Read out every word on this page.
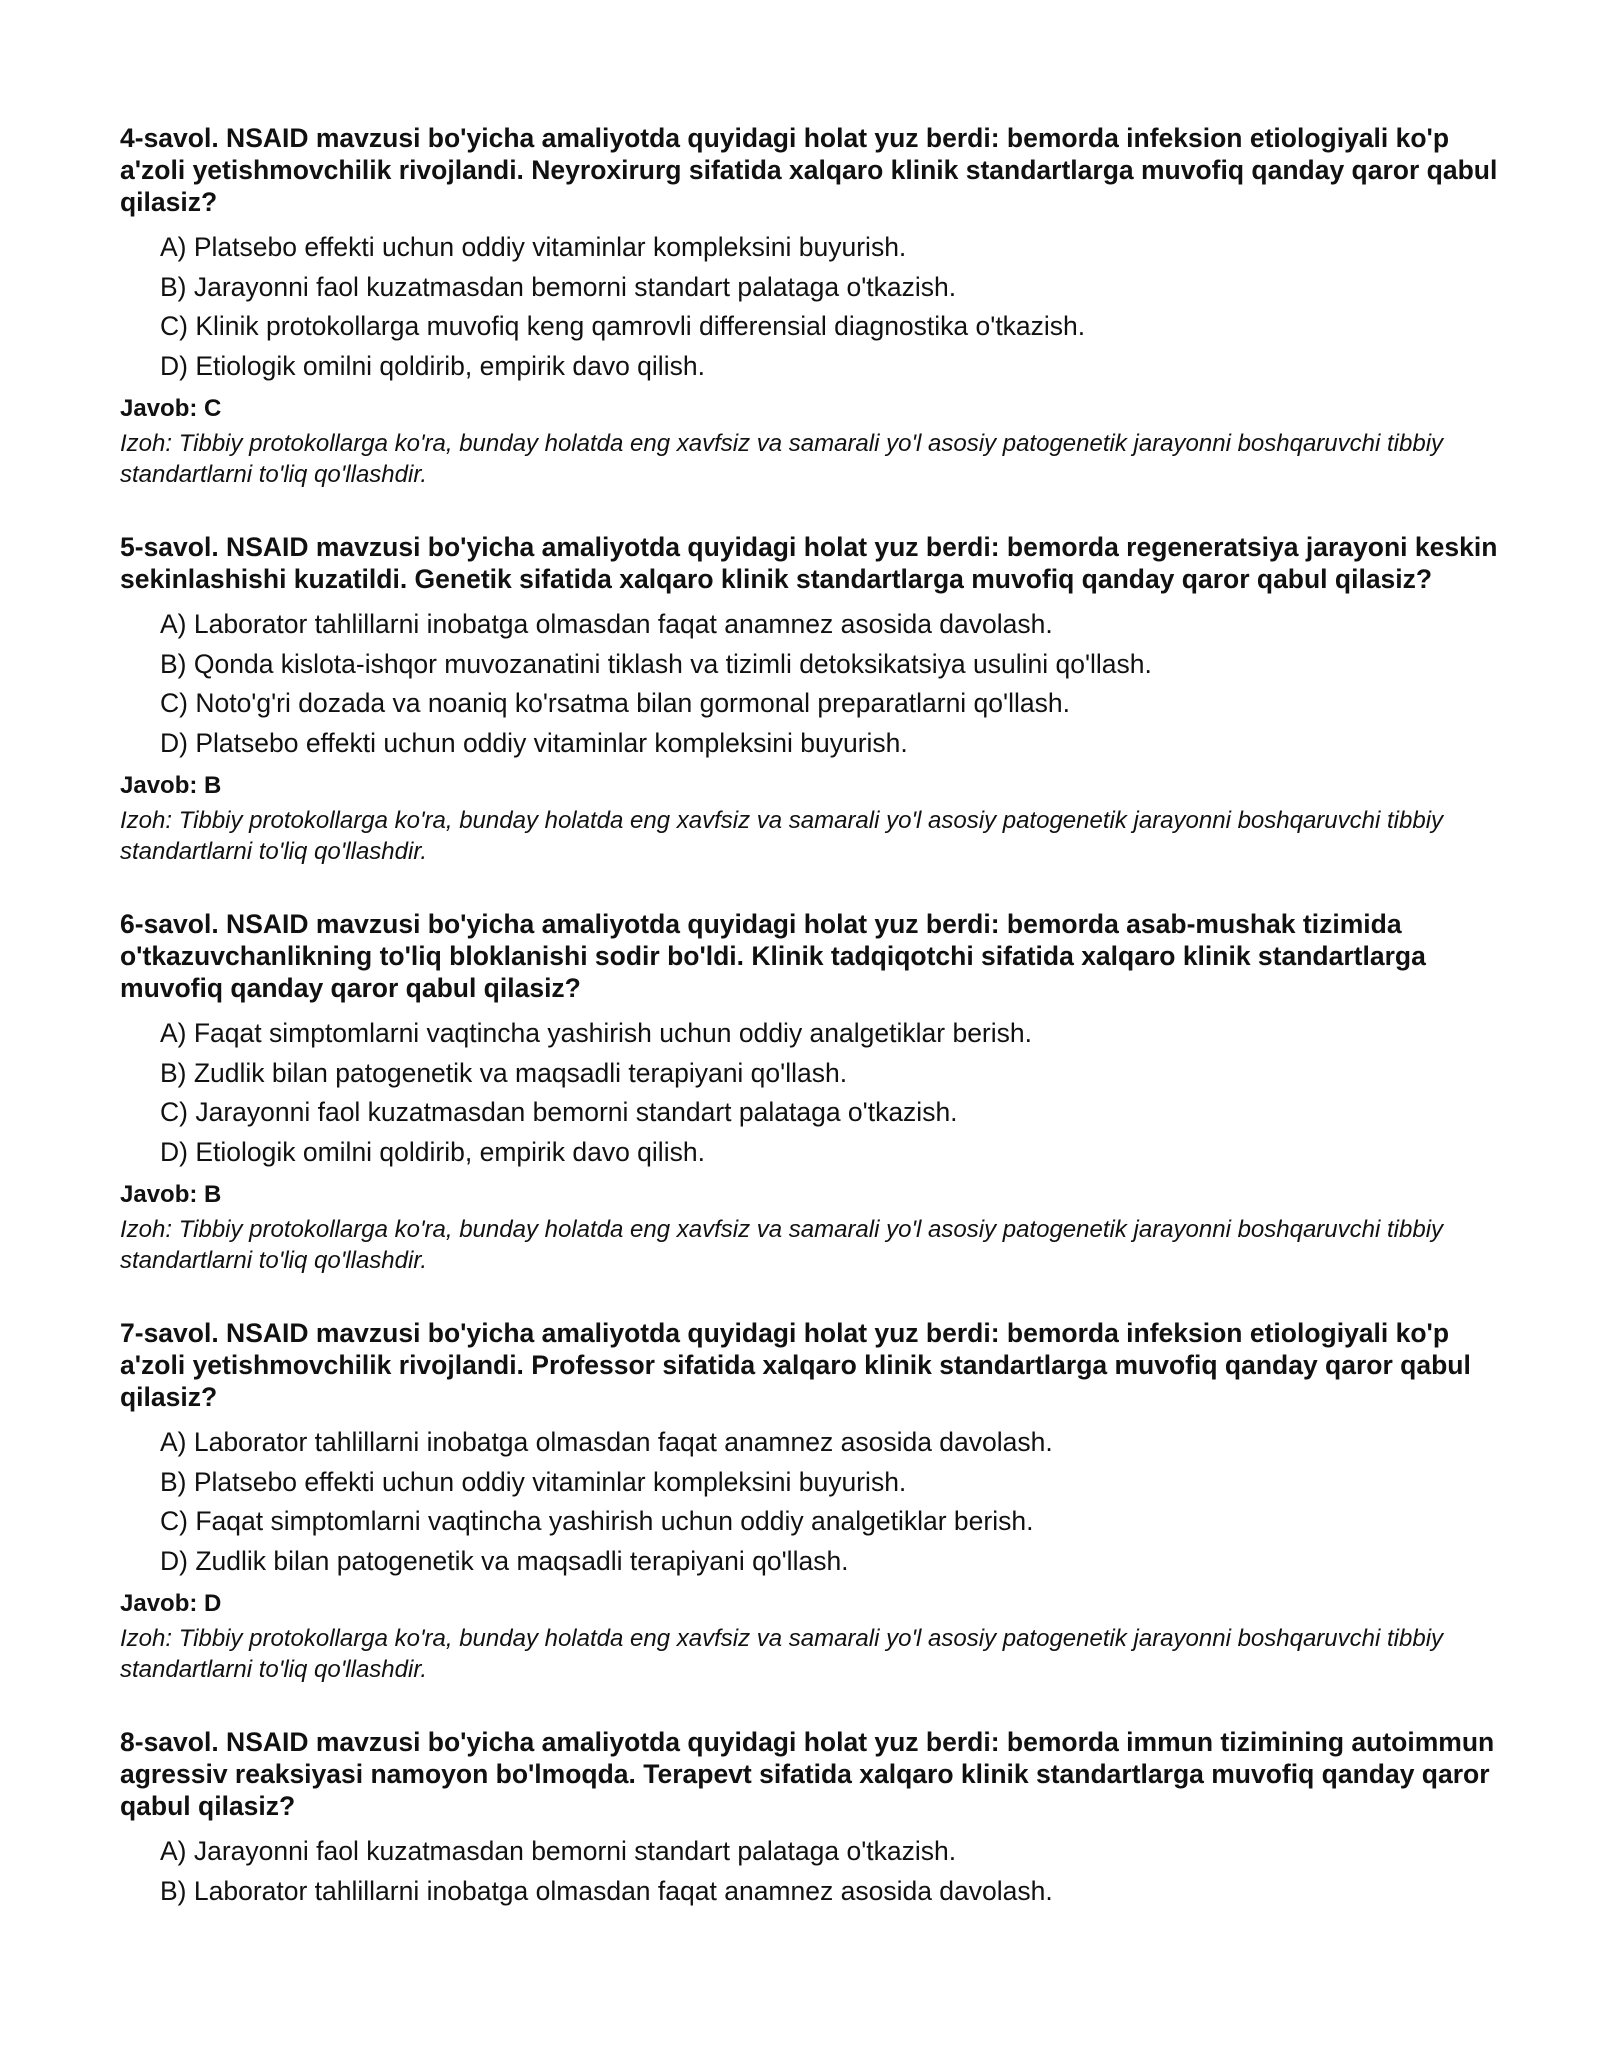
4-savol. NSAID mavzusi bo'yicha amaliyotda quyidagi holat yuz berdi: bemorda infeksion etiologiyali ko'p a'zoli yetishmovchilik rivojlandi. Neyroxirurg sifatida xalqaro klinik standartlarga muvofiq qanday qaror qabul qilasiz?

A) Platsebo effekti uchun oddiy vitaminlar kompleksini buyurish.
B) Jarayonni faol kuzatmasdan bemorni standart palataga o'tkazish.
C) Klinik protokollarga muvofiq keng qamrovli differensial diagnostika o'tkazish.
D) Etiologik omilni qoldirib, empirik davo qilish.

Javob: C

Izoh: Tibbiy protokollarga ko'ra, bunday holatda eng xavfsiz va samarali yo'l asosiy patogenetik jarayonni boshqaruvchi tibbiy standartlarni to'liq qo'llashdir.

5-savol. NSAID mavzusi bo'yicha amaliyotda quyidagi holat yuz berdi: bemorda regeneratsiya jarayoni keskin sekinlashishi kuzatildi. Genetik sifatida xalqaro klinik standartlarga muvofiq qanday qaror qabul qilasiz?

A) Laborator tahlillarni inobatga olmasdan faqat anamnez asosida davolash.
B) Qonda kislota-ishqor muvozanatini tiklash va tizimli detoksikatsiya usulini qo'llash.
C) Noto'g'ri dozada va noaniq ko'rsatma bilan gormonal preparatlarni qo'llash.
D) Platsebo effekti uchun oddiy vitaminlar kompleksini buyurish.

Javob: B

Izoh: Tibbiy protokollarga ko'ra, bunday holatda eng xavfsiz va samarali yo'l asosiy patogenetik jarayonni boshqaruvchi tibbiy standartlarni to'liq qo'llashdir.

6-savol. NSAID mavzusi bo'yicha amaliyotda quyidagi holat yuz berdi: bemorda asab-mushak tizimida o'tkazuvchanlikning to'liq bloklanishi sodir bo'ldi. Klinik tadqiqotchi sifatida xalqaro klinik standartlarga muvofiq qanday qaror qabul qilasiz?

A) Faqat simptomlarni vaqtincha yashirish uchun oddiy analgetiklar berish.
B) Zudlik bilan patogenetik va maqsadli terapiyani qo'llash.
C) Jarayonni faol kuzatmasdan bemorni standart palataga o'tkazish.
D) Etiologik omilni qoldirib, empirik davo qilish.

Javob: B

Izoh: Tibbiy protokollarga ko'ra, bunday holatda eng xavfsiz va samarali yo'l asosiy patogenetik jarayonni boshqaruvchi tibbiy standartlarni to'liq qo'llashdir.

7-savol. NSAID mavzusi bo'yicha amaliyotda quyidagi holat yuz berdi: bemorda infeksion etiologiyali ko'p a'zoli yetishmovchilik rivojlandi. Professor sifatida xalqaro klinik standartlarga muvofiq qanday qaror qabul qilasiz?

A) Laborator tahlillarni inobatga olmasdan faqat anamnez asosida davolash.
B) Platsebo effekti uchun oddiy vitaminlar kompleksini buyurish.
C) Faqat simptomlarni vaqtincha yashirish uchun oddiy analgetiklar berish.
D) Zudlik bilan patogenetik va maqsadli terapiyani qo'llash.

Javob: D

Izoh: Tibbiy protokollarga ko'ra, bunday holatda eng xavfsiz va samarali yo'l asosiy patogenetik jarayonni boshqaruvchi tibbiy standartlarni to'liq qo'llashdir.

8-savol. NSAID mavzusi bo'yicha amaliyotda quyidagi holat yuz berdi: bemorda immun tizimining autoimmun agressiv reaksiyasi namoyon bo'lmoqda. Terapevt sifatida xalqaro klinik standartlarga muvofiq qanday qaror qabul qilasiz?

A) Jarayonni faol kuzatmasdan bemorni standart palataga o'tkazish.
B) Laborator tahlillarni inobatga olmasdan faqat anamnez asosida davolash.
